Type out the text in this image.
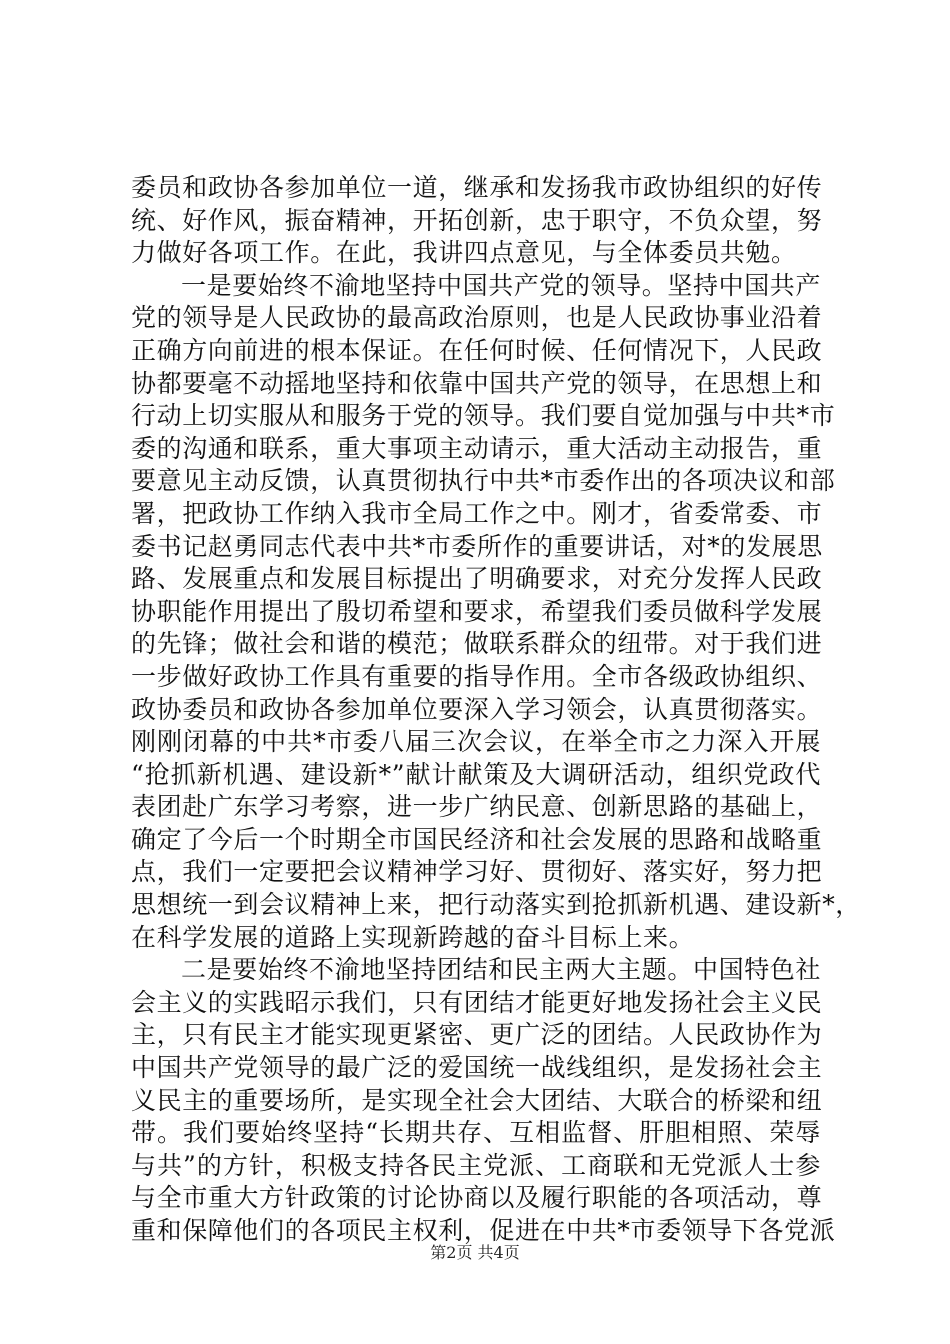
委员和政协各参加单位一道，继承和发扬我市政协组织的好传
统、好作风，振奋精神，开拓创新，忠于职守，不负众望，努
力做好各项工作。在此，我讲四点意见，与全体委员共勉。
一是要始终不渝地坚持中国共产党的领导。坚持中国共产
党的领导是人民政协的最高政治原则，也是人民政协事业沿着
正确方向前进的根本保证。在任何时候、任何情况下，人民政
协都要毫不动摇地坚持和依靠中国共产党的领导，在思想上和
行动上切实服从和服务于党的领导。我们要自觉加强与中共*市
委的沟通和联系，重大事项主动请示，重大活动主动报告，重
要意见主动反馈，认真贯彻执行中共*市委作出的各项决议和部
署，把政协工作纳入我市全局工作之中。刚才，省委常委、市
委书记赵勇同志代表中共*市委所作的重要讲话，对*的发展思
路、发展重点和发展目标提出了明确要求，对充分发挥人民政
协职能作用提出了殷切希望和要求，希望我们委员做科学发展
的先锋；做社会和谐的模范；做联系群众的纽带。对于我们进
一步做好政协工作具有重要的指导作用。全市各级政协组织、
政协委员和政协各参加单位要深入学习领会，认真贯彻落实。
刚刚闭幕的中共*市委八届三次会议，在举全市之力深入开展
“抢抓新机遇、建设新*”献计献策及大调研活动，组织党政代
表团赴广东学习考察，进一步广纳民意、创新思路的基础上，
确定了今后一个时期全市国民经济和社会发展的思路和战略重
点，我们一定要把会议精神学习好、贯彻好、落实好，努力把
思想统一到会议精神上来，把行动落实到抢抓新机遇、建设新*，
在科学发展的道路上实现新跨越的奋斗目标上来。
二是要始终不渝地坚持团结和民主两大主题。中国特色社
会主义的实践昭示我们，只有团结才能更好地发扬社会主义民
主，只有民主才能实现更紧密、更广泛的团结。人民政协作为
中国共产党领导的最广泛的爱国统一战线组织，是发扬社会主
义民主的重要场所，是实现全社会大团结、大联合的桥梁和纽
带。我们要始终坚持“长期共存、互相监督、肝胆相照、荣辱
与共”的方针，积极支持各民主党派、工商联和无党派人士参
与全市重大方针政策的讨论协商以及履行职能的各项活动，尊
重和保障他们的各项民主权利，促进在中共*市委领导下各党派
第2页 共4页
